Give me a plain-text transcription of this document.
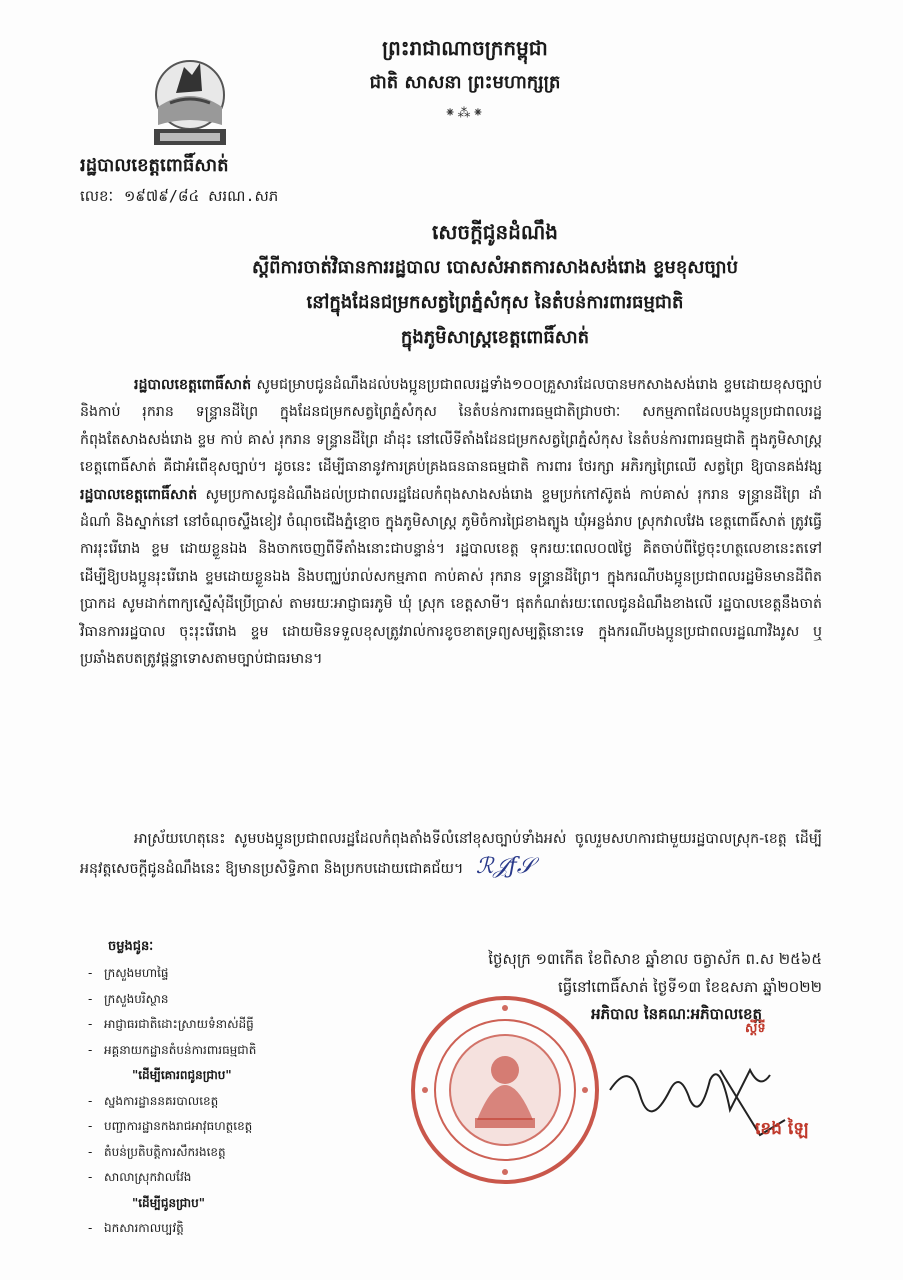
ព្រះរាជាណាចក្រកម្ពុជា
ជាតិ សាសនា ព្រះមហាក្សត្រ
⁕⁂⁕
រដ្ឋបាលខេត្តពោធិ៍សាត់
លេខៈ ១៩៧៩/៨៤ សរណ.សភ
សេចក្ដីជូនដំណឹង
ស្ដីពីការចាត់វិធានការរដ្ឋបាល បោសសំអាតការសាងសង់រោង ខ្ទមខុសច្បាប់
នៅក្នុងដែនជម្រកសត្វព្រៃភ្នំសំកុស នៃតំបន់ការពារធម្មជាតិ
ក្នុងភូមិសាស្ត្រខេត្តពោធិ៍សាត់
រដ្ឋបាលខេត្តពោធិ៍សាត់ សូមជម្រាបជូនដំណឹងដល់បងប្អូនប្រជាពលរដ្ឋទាំង១០០គ្រួសារដែលបានមកសាងសង់រោង ខ្ទមដោយខុសច្បាប់ និងកាប់ រុករាន ទន្ទ្រានដីព្រៃ ក្នុងដែនជម្រកសត្វព្រៃភ្នំសំកុស នៃតំបន់ការពារធម្មជាតិជ្រាបថាៈ សកម្មភាពដែលបងប្អូនប្រជាពលរដ្ឋកំពុងតែសាងសង់រោង ខ្ទម កាប់ គាស់ រុករាន ទន្ទ្រានដីព្រៃ ដាំដុះ នៅលើទីតាំងដែនជម្រកសត្វព្រៃភ្នំសំកុស នៃតំបន់ការពារធម្មជាតិ ក្នុងភូមិសាស្ត្រខេត្តពោធិ៍សាត់ គឺជាអំពើខុសច្បាប់។ ដូចនេះ ដើម្បីធានានូវការគ្រប់គ្រងធនធានធម្មជាតិ ការពារ ថែរក្សា អភិរក្សព្រៃឈើ សត្វព្រៃ ឱ្យបានគង់វង្ស រដ្ឋបាលខេត្តពោធិ៍សាត់ សូមប្រកាសជូនដំណឹងដល់ប្រជាពលរដ្ឋដែលកំពុងសាងសង់រោង ខ្ទមប្រក់កៅស៊ូតង់ កាប់គាស់ រុករាន ទន្ទ្រានដីព្រៃ ដាំដំណាំ និងស្នាក់នៅ នៅចំណុចស្ទឹងខៀវ ចំណុចជើងភ្នំខ្មោច ក្នុងភូមិសាស្ត្រ ភូមិចំការជ្រៃខាងត្បូង ឃុំអន្លង់រាប ស្រុកវាលវែង ខេត្តពោធិ៍សាត់ ត្រូវធ្វើការរុះរើរោង ខ្ទម ដោយខ្លួនឯង និងចាកចេញពីទីតាំងនោះជាបន្ទាន់។ រដ្ឋបាលខេត្ត ទុករយៈពេល០៧ថ្ងៃ គិតចាប់ពីថ្ងៃចុះហត្ថលេខានេះតទៅ ដើម្បីឱ្យបងប្អូនរុះរើរោង ខ្ទមដោយខ្លួនឯង និងបញ្ឈប់រាល់សកម្មភាព កាប់គាស់ រុករាន ទន្ទ្រានដីព្រៃ។ ក្នុងករណីបងប្អូនប្រជាពលរដ្ឋមិនមានដីពិតប្រាកដ សូមដាក់ពាក្យស្នើសុំដីប្រើប្រាស់ តាមរយៈអាជ្ញាធរភូមិ ឃុំ ស្រុក ខេត្តសាមី។ ផុតកំណត់រយៈពេលជូនដំណឹងខាងលើ រដ្ឋបាលខេត្តនឹងចាត់វិធានការរដ្ឋបាល ចុះរុះរើរោង ខ្ទម ដោយមិនទទួលខុសត្រូវរាល់ការខូចខាតទ្រព្យសម្បត្តិនោះទេ ក្នុងករណីបងប្អូនប្រជាពលរដ្ឋណាវិងរូស ឬប្រឆាំងតបតត្រូវផ្ដន្ទាទោសតាមច្បាប់ជាធរមាន។
អាស្រ័យហេតុនេះ សូមបងប្អូនប្រជាពលរដ្ឋដែលកំពុងតាំងទីលំនៅខុសច្បាប់ទាំងអស់ ចូលរួមសហការជាមួយរដ្ឋបាលស្រុក-ខេត្ត ដើម្បីអនុវត្តសេចក្ដីជូនដំណឹងនេះ ឱ្យមានប្រសិទ្ធិភាព និងប្រកបដោយជោគជ័យ។ ℛ𝒥ƒ𝒮
ចម្លងជូនៈ
- ក្រសួងមហាផ្ទៃ
- ក្រសួងបរិស្ថាន
- អាជ្ញាធរជាតិដោះស្រាយទំនាស់ដីធ្លី
- អគ្គនាយកដ្ឋានតំបន់ការពារធម្មជាតិ
"ដើម្បីគោរពជូនជ្រាប"
- ស្នងការដ្ឋាននគរបាលខេត្ត
- បញ្ជាការដ្ឋានកងរាជអាវុធហត្ថខេត្ត
- តំបន់ប្រតិបត្តិការសឹករងខេត្ត
- សាលាស្រុកវាលវែង
"ដើម្បីជូនជ្រាប"
- ឯកសារកាលប្បវត្តិ
ថ្ងៃសុក្រ ១៣កើត ខែពិសាខ ឆ្នាំខាល ចត្វាស័ក ព.ស ២៥៦៥
ធ្វើនៅពោធិ៍សាត់ ថ្ងៃទី១៣ ខែឧសភា ឆ្នាំ២០២២
អភិបាល នៃគណៈអភិបាលខេត្ត
ស្ដីទី
ខេង ឡៃ
